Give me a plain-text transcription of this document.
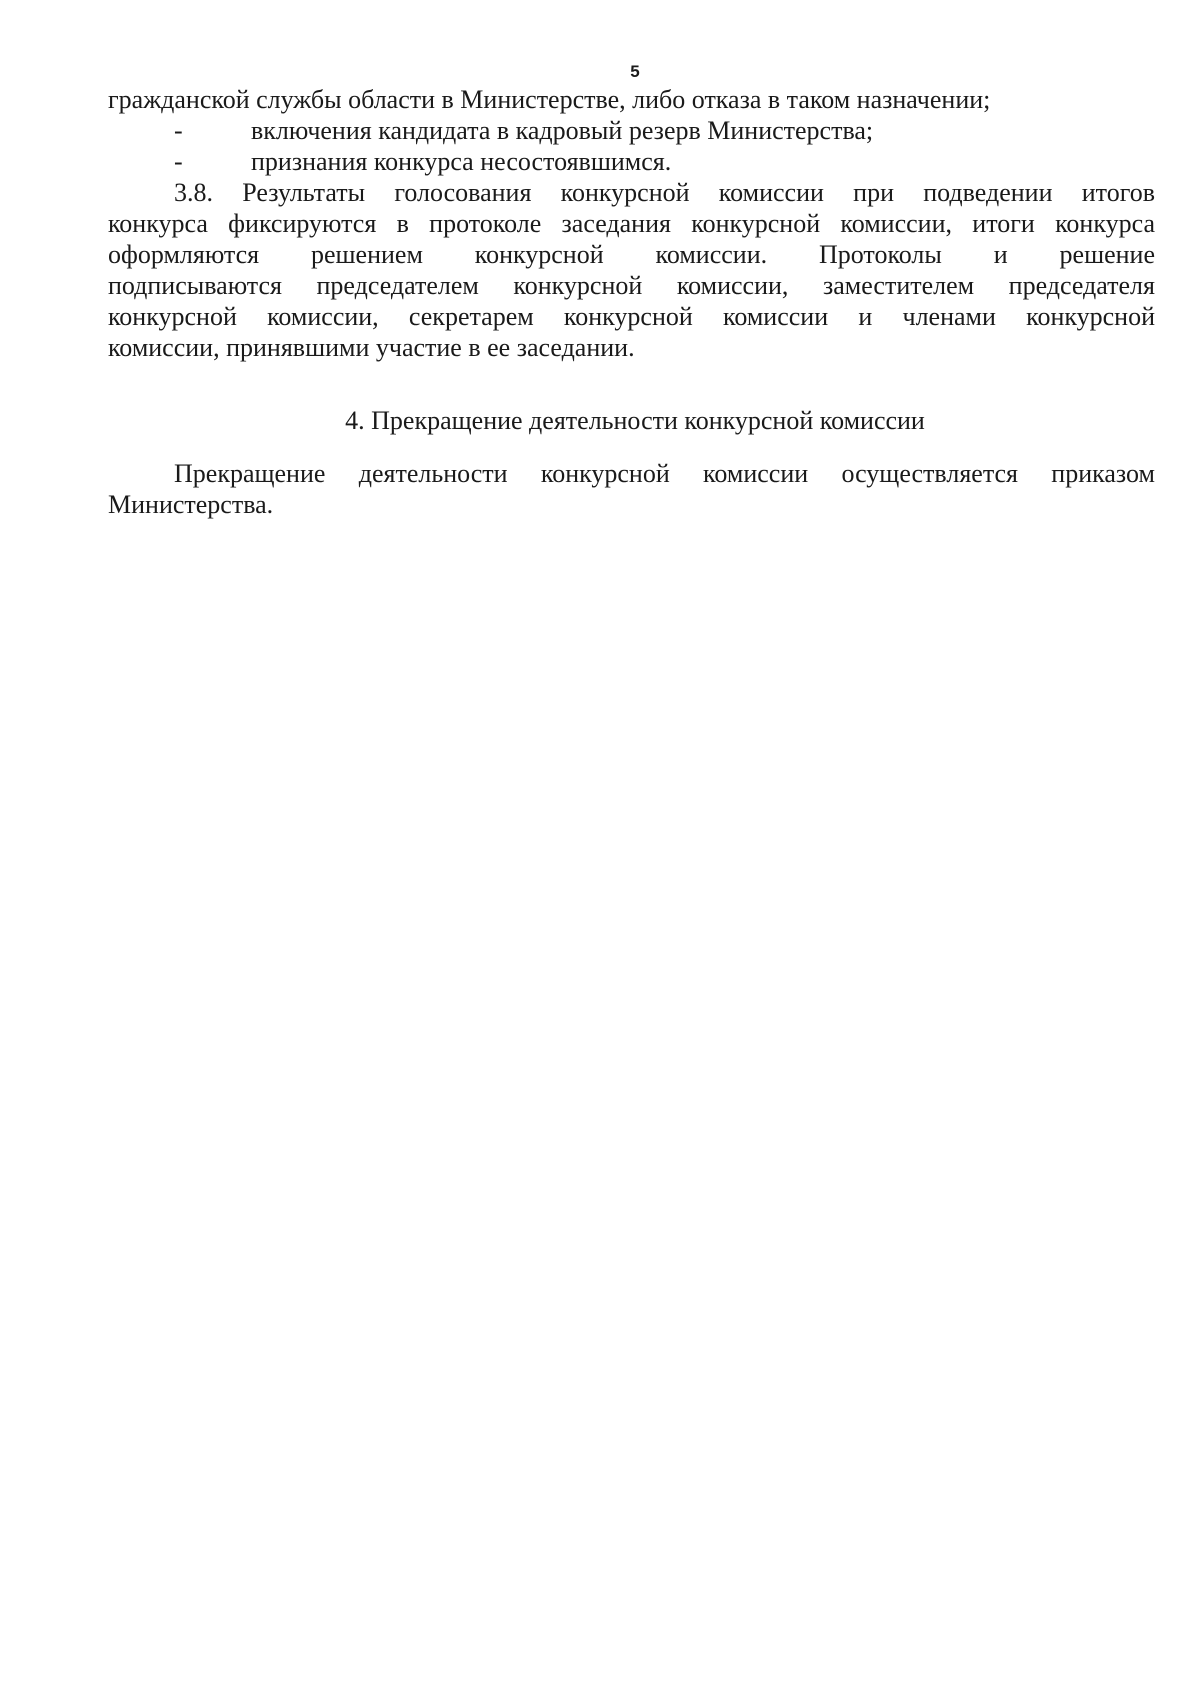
5
гражданской службы области в Министерстве, либо отказа в таком назначении;
-	включения кандидата в кадровый резерв Министерства;
-	признания конкурса несостоявшимся.
3.8. Результаты голосования конкурсной комиссии при подведении итогов
конкурса фиксируются в протоколе заседания конкурсной комиссии, итоги конкурса
оформляются решением конкурсной комиссии. Протоколы и решение
подписываются председателем конкурсной комиссии, заместителем председателя
конкурсной комиссии, секретарем конкурсной комиссии и членами конкурсной
комиссии, принявшими участие в ее заседании.
4. Прекращение деятельности конкурсной комиссии
Прекращение деятельности конкурсной комиссии осуществляется приказом
Министерства.
